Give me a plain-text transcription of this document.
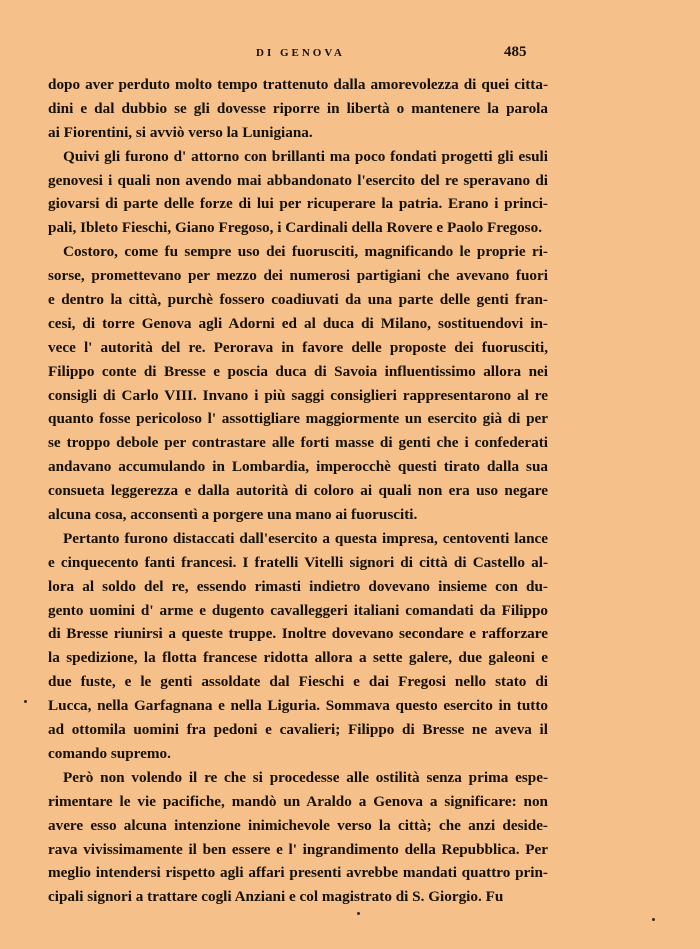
DI GENOVA	485
dopo aver perduto molto tempo trattenuto dalla amorevolezza di quei citta-
dini e dal dubbio se gli dovesse riporre in libertà o mantenere la parola
ai Fiorentini, si avviò verso la Lunigiana.
Quivi gli furono d' attorno con brillanti ma poco fondati progetti gli esuli
genovesi i quali non avendo mai abbandonato l'esercito del re speravano di
giovarsi di parte delle forze di lui per ricuperare la patria. Erano i princi-
pali, Ibleto Fieschi, Giano Fregoso, i Cardinali della Rovere e Paolo Fregoso.
Costoro, come fu sempre uso dei fuorusciti, magnificando le proprie ri-
sorse, promettevano per mezzo dei numerosi partigiani che avevano fuori
e dentro la città, purchè fossero coadiuvati da una parte delle genti fran-
cesi, di torre Genova agli Adorni ed al duca di Milano, sostituendovi in-
vece l' autorità del re. Perorava in favore delle proposte dei fuorusciti,
Filippo conte di Bresse e poscia duca di Savoia influentissimo allora nei
consigli di Carlo VIII. Invano i più saggi consiglieri rappresentarono al re
quanto fosse pericoloso l' assottigliare maggiormente un esercito già di per
se troppo debole per contrastare alle forti masse di genti che i confederati
andavano accumulando in Lombardia, imperocchè questi tirato dalla sua
consueta leggerezza e dalla autorità di coloro ai quali non era uso negare
alcuna cosa, acconsentì a porgere una mano ai fuorusciti.
Pertanto furono distaccati dall'esercito a questa impresa, centoventi lance
e cinquecento fanti francesi. I fratelli Vitelli signori di città di Castello al-
lora al soldo del re, essendo rimasti indietro dovevano insieme con du-
gento uomini d' arme e dugento cavalleggeri italiani comandati da Filippo
di Bresse riunirsi a queste truppe. Inoltre dovevano secondare e rafforzare
la spedizione, la flotta francese ridotta allora a sette galere, due galeoni e
due fuste, e le genti assoldate dal Fieschi e dai Fregosi nello stato di
Lucca, nella Garfagnana e nella Liguria. Sommava questo esercito in tutto
ad ottomila uomini fra pedoni e cavalieri; Filippo di Bresse ne aveva il
comando supremo.
Però non volendo il re che si procedesse alle ostilità senza prima espe-
rimentare le vie pacifiche, mandò un Araldo a Genova a significare: non
avere esso alcuna intenzione inimichevole verso la città; che anzi deside-
rava vivissimamente il ben essere e l' ingrandimento della Repubblica. Per
meglio intendersi rispetto agli affari presenti avrebbe mandati quattro prin-
cipali signori a trattare cogli Anziani e col magistrato di S. Giorgio. Fu
